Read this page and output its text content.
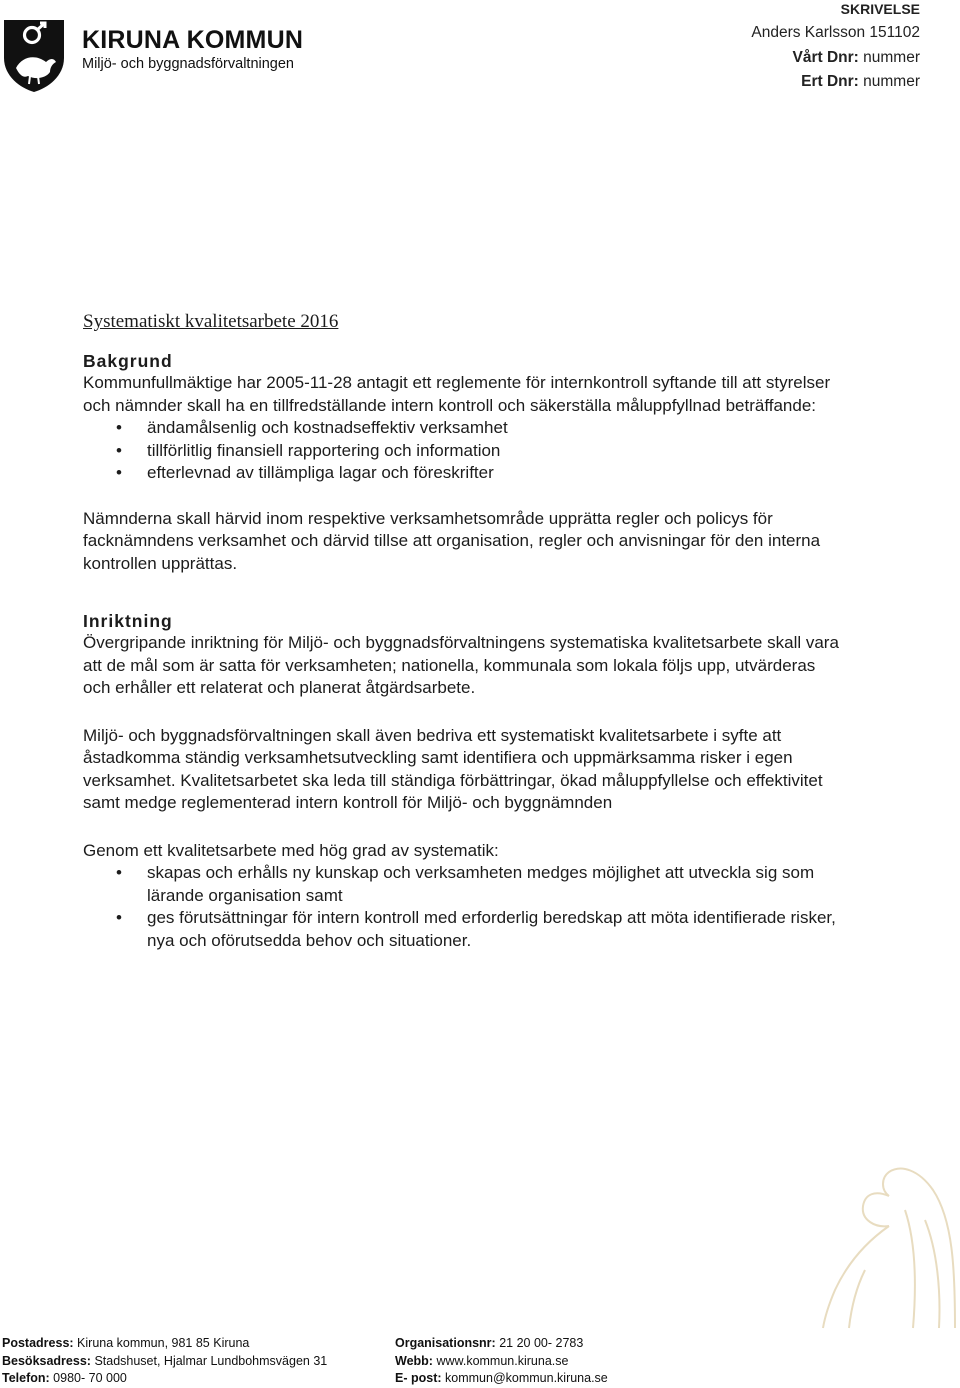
KIRUNA KOMMUN
Miljö- och byggnadsförvaltningen
SKRIVELSE
Anders Karlsson 151102
Vårt Dnr: nummer
Ert Dnr: nummer
Systematiskt kvalitetsarbete 2016
Bakgrund

Kommunfullmäktige har 2005-11-28 antagit ett reglemente för internkontroll syftande till att styrelser och nämnder skall ha en tillfredställande intern kontroll och säkerställa måluppfyllnad beträffande:

• ändamålsenlig och kostnadseffektiv verksamhet
• tillförlitlig finansiell rapportering och information
• efterlevnad av tillämpliga lagar och föreskrifter

Nämnderna skall härvid inom respektive verksamhetsområde upprätta regler och policys för facknämndens verksamhet och därvid tillse att organisation, regler och anvisningar för den interna kontrollen upprättas.

Inriktning

Övergripande inriktning för Miljö- och byggnadsförvaltningens systematiska kvalitetsarbete skall vara att de mål som är satta för verksamheten; nationella, kommunala som lokala följs upp, utvärderas och erhåller ett relaterat och planerat åtgärdsarbete.

Miljö- och byggnadsförvaltningen skall även bedriva ett systematiskt kvalitetsarbete i syfte att åstadkomma ständig verksamhetsutveckling samt identifiera och uppmärksamma risker i egen verksamhet. Kvalitetsarbetet ska leda till ständiga förbättringar, ökad måluppfyllelse och effektivitet samt medge reglementerad intern kontroll för Miljö- och byggnämnden

Genom ett kvalitetsarbete med hög grad av systematik:

• skapas och erhålls ny kunskap och verksamheten medges möjlighet att utveckla sig som lärande organisation samt
• ges förutsättningar för intern kontroll med erforderlig beredskap att möta identifierade risker, nya och oförutsedda behov och situationer.
Postadress: Kiruna kommun, 981 85 Kiruna
Besöksadress: Stadshuset, Hjalmar Lundbohmsvägen 31
Telefon: 0980- 70 000
Organisationsnr: 21 20 00- 2783
Webb: www.kommun.kiruna.se
E- post: kommun@kommun.kiruna.se
